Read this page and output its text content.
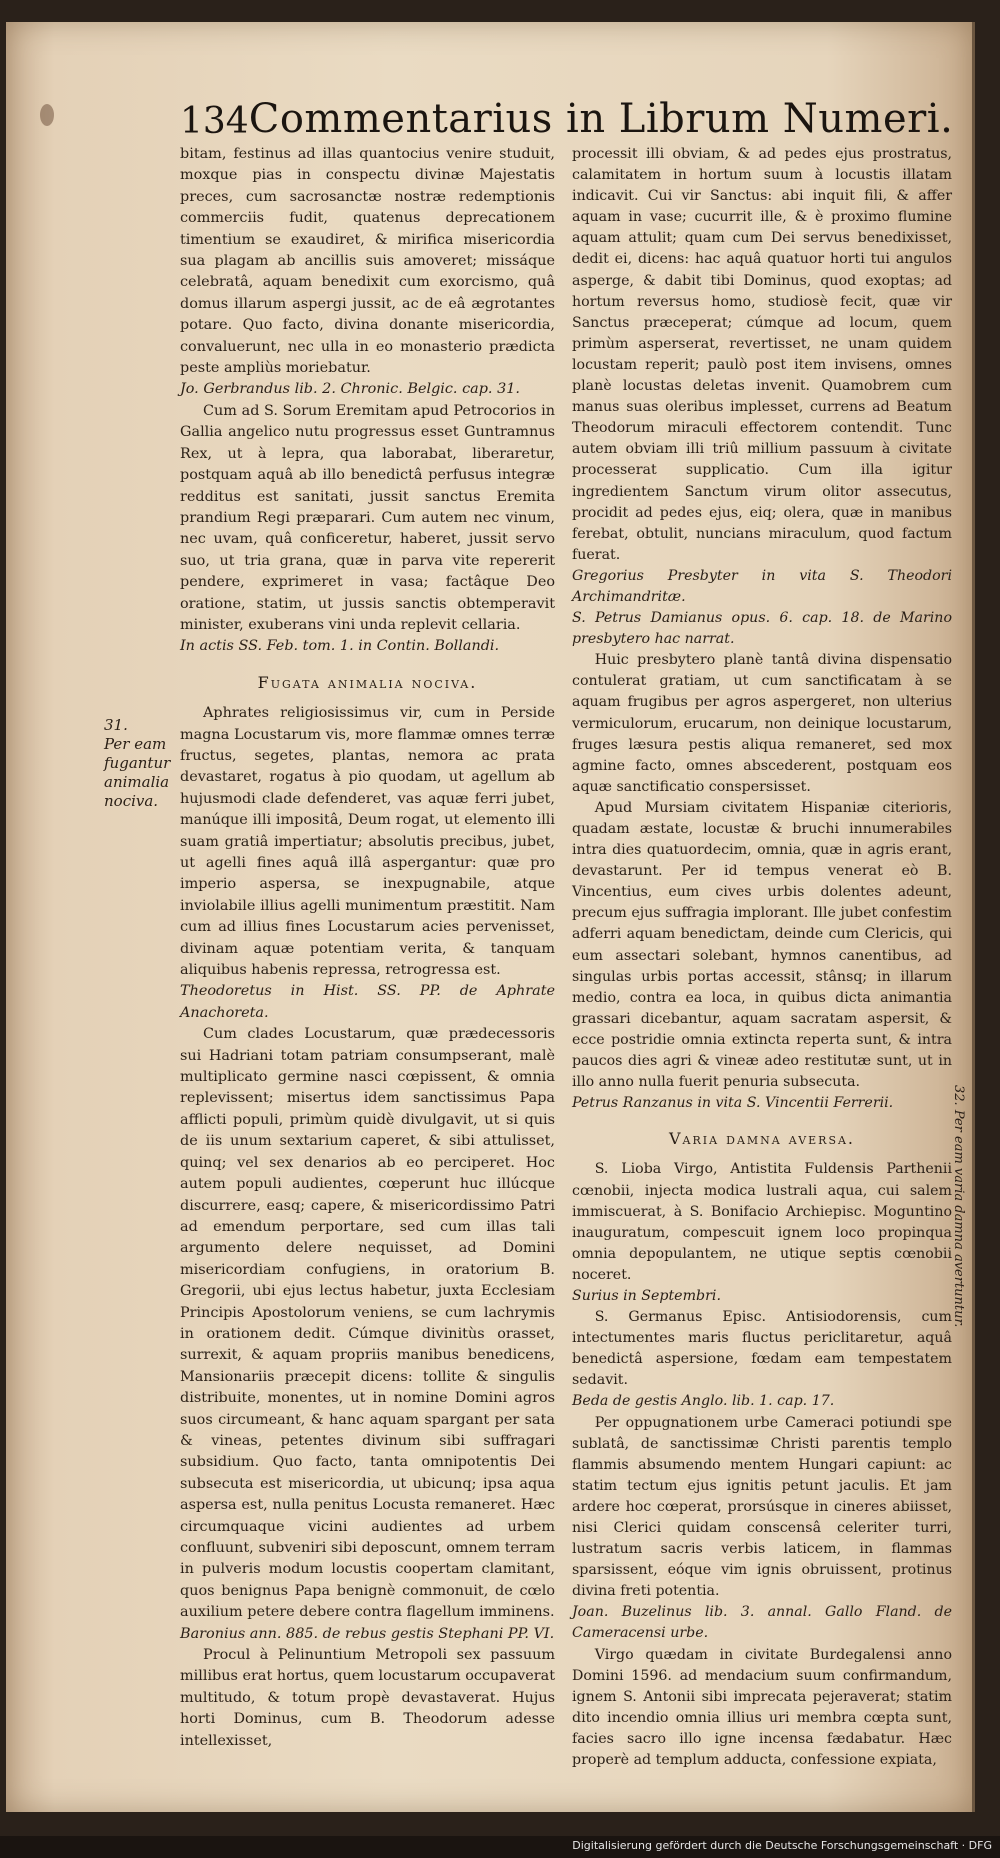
134 Commentarius in Librum Numeri.
31.
Per eam fugantur animalia nociva.
32. Per eam varia damna avertuntur.

bitam, festinus ad illas quantocius venire studuit, moxque pias in conspectu divinæ Majestatis preces, cum sacrosanctæ nostræ redemptionis commerciis fudit, quatenus deprecationem timentium se exaudiret, & mirifica misericordia sua plagam ab ancillis suis amoveret; missáque celebratâ, aquam benedixit cum exorcismo, quâ domus illarum aspergi jussit, ac de eâ ægrotantes potare. Quo facto, divina donante misericordia, convaluerunt, nec ulla in eo monasterio prædicta peste ampliùs moriebatur.

Jo. Gerbrandus lib. 2. Chronic. Belgic. cap. 31.

Cum ad S. Sorum Eremitam apud Petrocorios in Gallia angelico nutu progressus esset Guntramnus Rex, ut à lepra, qua laborabat, liberaretur, postquam aquâ ab illo benedictâ perfusus integræ redditus est sanitati, jussit sanctus Eremita prandium Regi præparari. Cum autem nec vinum, nec uvam, quâ conficeretur, haberet, jussit servo suo, ut tria grana, quæ in parva vite repererit pendere, exprimeret in vasa; factâque Deo oratione, statim, ut jussis sanctis obtemperavit minister, exuberans vini unda replevit cellaria.

In actis SS. Feb. tom. 1. in Contin. Bollandi.

Fugata animalia nociva.

Aphrates religiosissimus vir, cum in Perside magna Locustarum vis, more flammæ omnes terræ fructus, segetes, plantas, nemora ac prata devastaret, rogatus à pio quodam, ut agellum ab hujusmodi clade defenderet, vas aquæ ferri jubet, manúque illi impositâ, Deum rogat, ut elemento illi suam gratiâ impertiatur; absolutis precibus, jubet, ut agelli fines aquâ illâ aspergantur: quæ pro imperio aspersa, se inexpugnabile, atque inviolabile illius agelli munimentum præstitit. Nam cum ad illius fines Locustarum acies pervenisset, divinam aquæ potentiam verita, & tanquam aliquibus habenis repressa, retrogressa est.

Theodoretus in Hist. SS. PP. de Aphrate Anachoreta.

Cum clades Locustarum, quæ prædecessoris sui Hadriani totam patriam consumpserant, malè multiplicato germine nasci cœpissent, & omnia replevissent; misertus idem sanctissimus Papa afflicti populi, primùm quidè divulgavit, ut si quis de iis unum sextarium caperet, & sibi attulisset, quinq; vel sex denarios ab eo perciperet. Hoc autem populi audientes, cœperunt huc illúcque discurrere, easq; capere, & misericordissimo Patri ad emendum perportare, sed cum illas tali argumento delere nequisset, ad Domini misericordiam confugiens, in oratorium B. Gregorii, ubi ejus lectus habetur, juxta Ecclesiam Principis Apostolorum veniens, se cum lachrymis in orationem dedit. Cúmque divinitùs orasset, surrexit, & aquam propriis manibus benedicens, Mansionariis præcepit dicens: tollite & singulis distribuite, monentes, ut in nomine Domini agros suos circumeant, & hanc aquam spargant per sata & vineas, petentes divinum sibi suffragari subsidium. Quo facto, tanta omnipotentis Dei subsecuta est misericordia, ut ubicunq; ipsa aqua aspersa est, nulla penitus Locusta remaneret. Hæc circumquaque vicini audientes ad urbem confluunt, subveniri sibi deposcunt, omnem terram in pulveris modum locustis coopertam clamitant, quos benignus Papa benignè commonuit, de cœlo auxilium petere debere contra flagellum imminens.

Baronius ann. 885. de rebus gestis Stephani PP. VI.

Procul à Pelinuntium Metropoli sex passuum millibus erat hortus, quem locustarum occupaverat multitudo, & totum propè devastaverat. Hujus horti Dominus, cum B. Theodorum adesse intellexisset,

processit illi obviam, & ad pedes ejus prostratus, calamitatem in hortum suum à locustis illatam indicavit. Cui vir Sanctus: abi inquit fili, & affer aquam in vase; cucurrit ille, & è proximo flumine aquam attulit; quam cum Dei servus benedixisset, dedit ei, dicens: hac aquâ quatuor horti tui angulos asperge, & dabit tibi Dominus, quod exoptas; ad hortum reversus homo, studiosè fecit, quæ vir Sanctus præceperat; cúmque ad locum, quem primùm asperserat, revertisset, ne unam quidem locustam reperit; paulò post item invisens, omnes planè locustas deletas invenit. Quamobrem cum manus suas oleribus implesset, currens ad Beatum Theodorum miraculi effectorem contendit. Tunc autem obviam illi triû millium passuum à civitate processerat supplicatio. Cum illa igitur ingredientem Sanctum virum olitor assecutus, procidit ad pedes ejus, eiq; olera, quæ in manibus ferebat, obtulit, nuncians miraculum, quod factum fuerat.

Gregorius Presbyter in vita S. Theodori Archimandritæ.

S. Petrus Damianus opus. 6. cap. 18. de Marino presbytero hac narrat.

Huic presbytero planè tantâ divina dispensatio contulerat gratiam, ut cum sanctificatam à se aquam frugibus per agros aspergeret, non ulterius vermiculorum, erucarum, non deinique locustarum, fruges læsura pestis aliqua remaneret, sed mox agmine facto, omnes abscederent, postquam eos aquæ sanctificatio conspersisset.

Apud Mursiam civitatem Hispaniæ citerioris, quadam æstate, locustæ & bruchi innumerabiles intra dies quatuordecim, omnia, quæ in agris erant, devastarunt. Per id tempus venerat eò B. Vincentius, eum cives urbis dolentes adeunt, precum ejus suffragia implorant. Ille jubet confestim adferri aquam benedictam, deinde cum Clericis, qui eum assectari solebant, hymnos canentibus, ad singulas urbis portas accessit, stânsq; in illarum medio, contra ea loca, in quibus dicta animantia grassari dicebantur, aquam sacratam aspersit, & ecce postridie omnia extincta reperta sunt, & intra paucos dies agri & vineæ adeo restitutæ sunt, ut in illo anno nulla fuerit penuria subsecuta.

Petrus Ranzanus in vita S. Vincentii Ferrerii.

Varia damna aversa.

S. Lioba Virgo, Antistita Fuldensis Parthenii cœnobii, injecta modica lustrali aqua, cui salem immiscuerat, à S. Bonifacio Archiepisc. Moguntino inauguratum, compescuit ignem loco propinqua omnia depopulantem, ne utique septis cœnobii noceret.

Surius in Septembri.

S. Germanus Episc. Antisiodorensis, cum intectumentes maris fluctus periclitaretur, aquâ benedictâ aspersione, fœdam eam tempestatem sedavit.

Beda de gestis Anglo. lib. 1. cap. 17.

Per oppugnationem urbe Cameraci potiundi spe sublatâ, de sanctissimæ Christi parentis templo flammis absumendo mentem Hungari capiunt: ac statim tectum ejus ignitis petunt jaculis. Et jam ardere hoc cœperat, prorsúsque in cineres abiisset, nisi Clerici quidam conscensâ celeriter turri, lustratum sacris verbis laticem, in flammas sparsissent, eóque vim ignis obruissent, protinus divina freti potentia.

Joan. Buzelinus lib. 3. annal. Gallo Fland. de Cameracensi urbe.

Virgo quædam in civitate Burdegalensi anno Domini 1596. ad mendacium suum confirmandum, ignem S. Antonii sibi imprecata pejeraverat; statim dito incendio omnia illius uri membra cœpta sunt, facies sacro illo igne incensa fædabatur. Hæc properè ad templum adducta, confessione expiata,

Digitalisierung gefördert durch die Deutsche Forschungsgemeinschaft · DFG
